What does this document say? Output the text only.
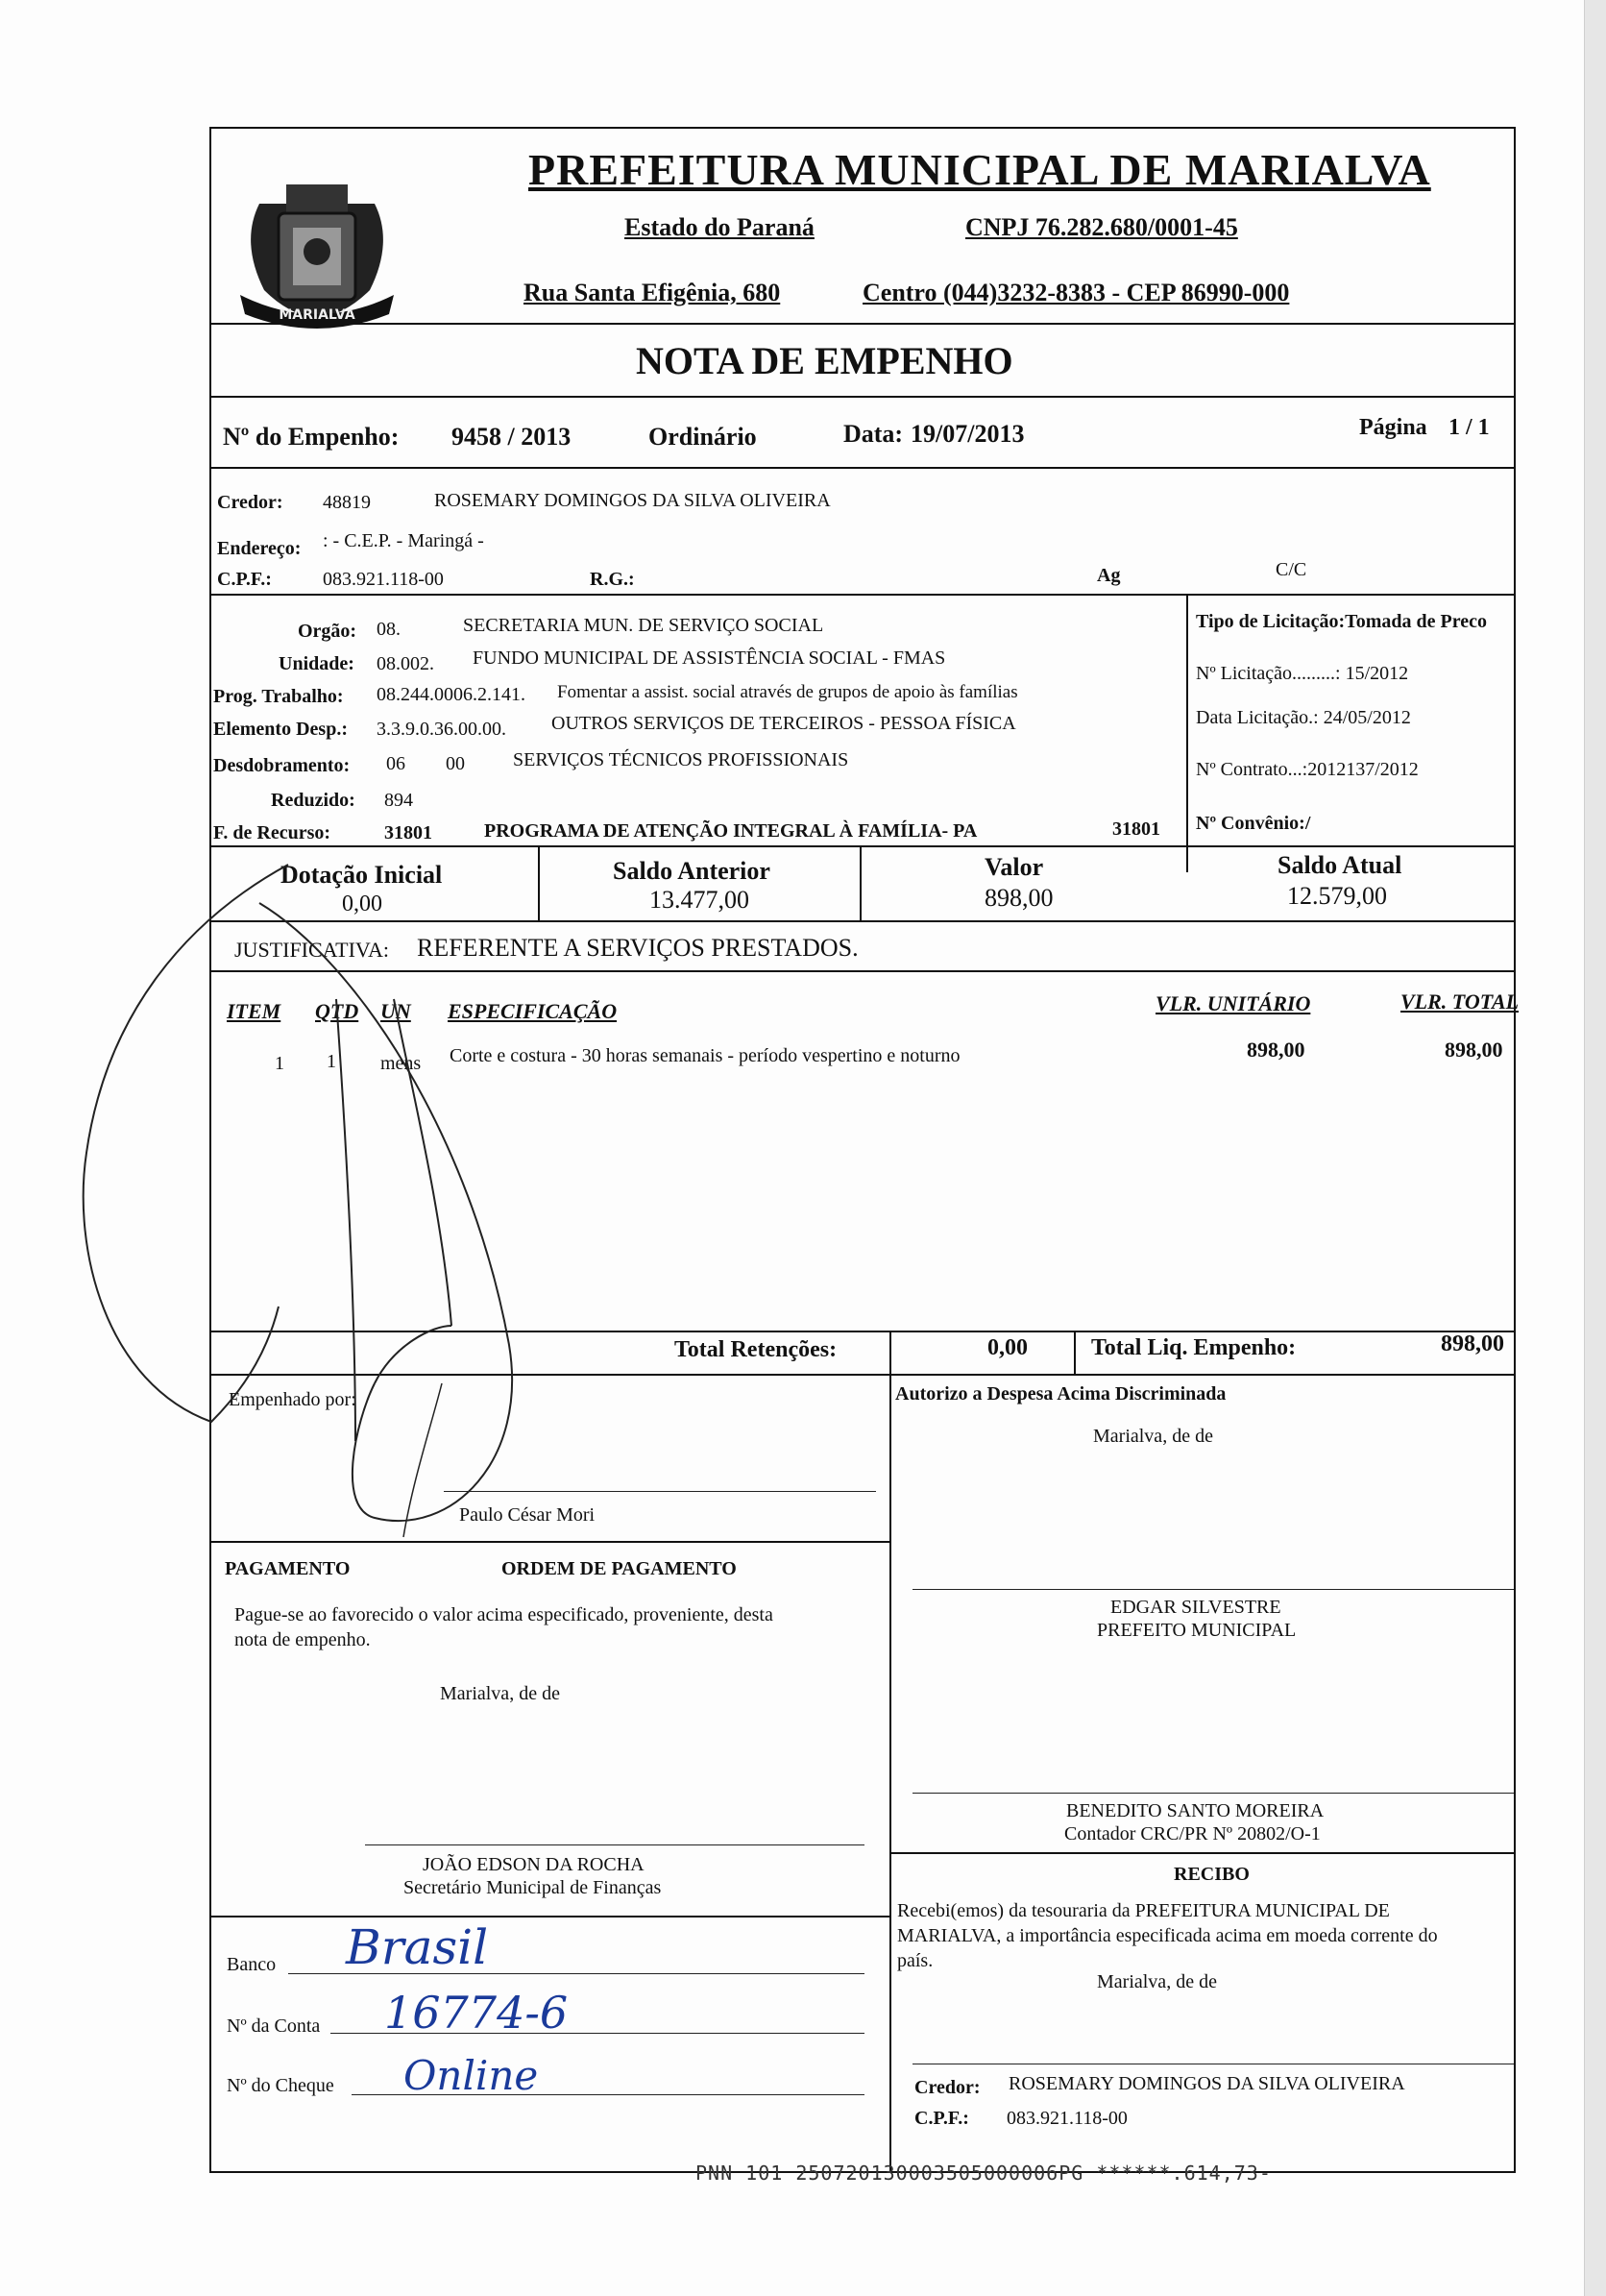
MARIALVA
PREFEITURA MUNICIPAL DE MARIALVA
Estado do Paraná	CNPJ 76.282.680/0001-45
Rua Santa Efigênia, 680	Centro (044)3232-8383 - CEP 86990-000
NOTA DE EMPENHO
Nº do Empenho: 9458 / 2013	Ordinário	Data: 19/07/2013	Página 1 / 1
Credor: 48819	ROSEMARY DOMINGOS DA SILVA OLIVEIRA
Endereço: : - C.E.P. - Maringá -
C.P.F.:	083.921.118-00	R.G.:	Ag	C/C
Orgão: 08.	SECRETARIA MUN. DE SERVIÇO SOCIAL
Unidade: 08.002. FUNDO MUNICIPAL DE ASSISTÊNCIA SOCIAL - FMAS
Prog. Trabalho: 08.244.0006.2.141. Fomentar a assist. social através de grupos de apoio às famílias
Elemento Desp.: 3.3.9.0.36.00.00. OUTROS SERVIÇOS DE TERCEIROS - PESSOA FÍSICA
Desdobramento: 06 00	SERVIÇOS TÉCNICOS PROFISSIONAIS
Reduzido: 894
F. de Recurso:	31801	PROGRAMA DE ATENÇÃO INTEGRAL À FAMÍLIA- PA	31801
Tipo de Licitação:Tomada de Preco
Nº Licitação.........: 15/2012
Data Licitação.: 24/05/2012
Nº Contrato...:2012137/2012
Nº Convênio:/
Dotação Inicial
0,00
Saldo Anterior
13.477,00
Valor
898,00
Saldo Atual
12.579,00
JUSTIFICATIVA: REFERENTE A SERVIÇOS PRESTADOS.
ITEM QTD UN ESPECIFICAÇÃO	VLR. UNITÁRIO	VLR. TOTAL
1 1 mens Corte e costura - 30 horas semanais - período vespertino e noturno	898,00	898,00
Total Retenções:	0,00	Total Liq. Empenho:	898,00
Empenhado por:
Paulo César Mori
Autorizo a Despesa Acima Discriminada
Marialva, de de
PAGAMENTO	ORDEM DE PAGAMENTO
Pague-se ao favorecido o valor acima especificado, proveniente, desta
nota de empenho.
Marialva, de de
EDGAR SILVESTRE
PREFEITO MUNICIPAL
BENEDITO SANTO MOREIRA
Contador CRC/PR Nº 20802/O-1
JOÃO EDSON DA ROCHA
Secretário Municipal de Finanças
RECIBO
Recebi(emos) da tesouraria da PREFEITURA MUNICIPAL DE
MARIALVA, a importância especificada acima em moeda corrente do
país.
Marialva, de de
Banco Brasil
Nº da Conta 16774-6
Nº do Cheque Online	Credor: ROSEMARY DOMINGOS DA SILVA OLIVEIRA
C.P.F.: 083.921.118-00
PNN 101 250720130003505000006PG ******.614,73-
